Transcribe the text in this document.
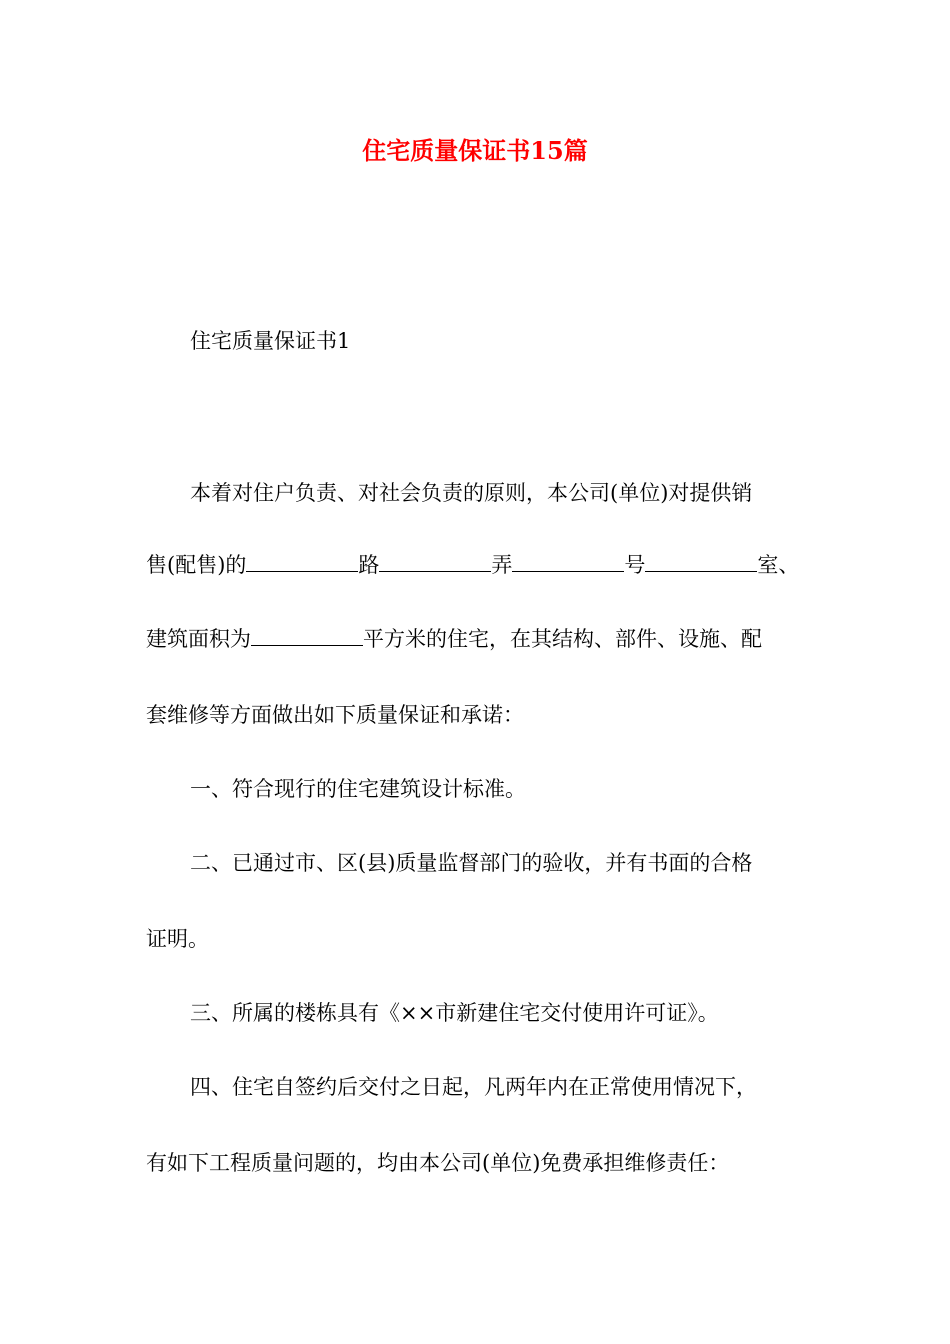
住宅质量保证书15篇

住宅质量保证书1

本着对住户负责、对社会负责的原则，本公司(单位)对提供销

售(配售)的	路	弄	号	室、

建筑面积为	平方米的住宅，在其结构、部件、设施、配

套维修等方面做出如下质量保证和承诺：

一、符合现行的住宅建筑设计标准。

二、已通过市、区(县)质量监督部门的验收，并有书面的合格

证明。

三、所属的楼栋具有《××市新建住宅交付使用许可证》。

四、住宅自签约后交付之日起，凡两年内在正常使用情况下，

有如下工程质量问题的，均由本公司(单位)免费承担维修责任：
